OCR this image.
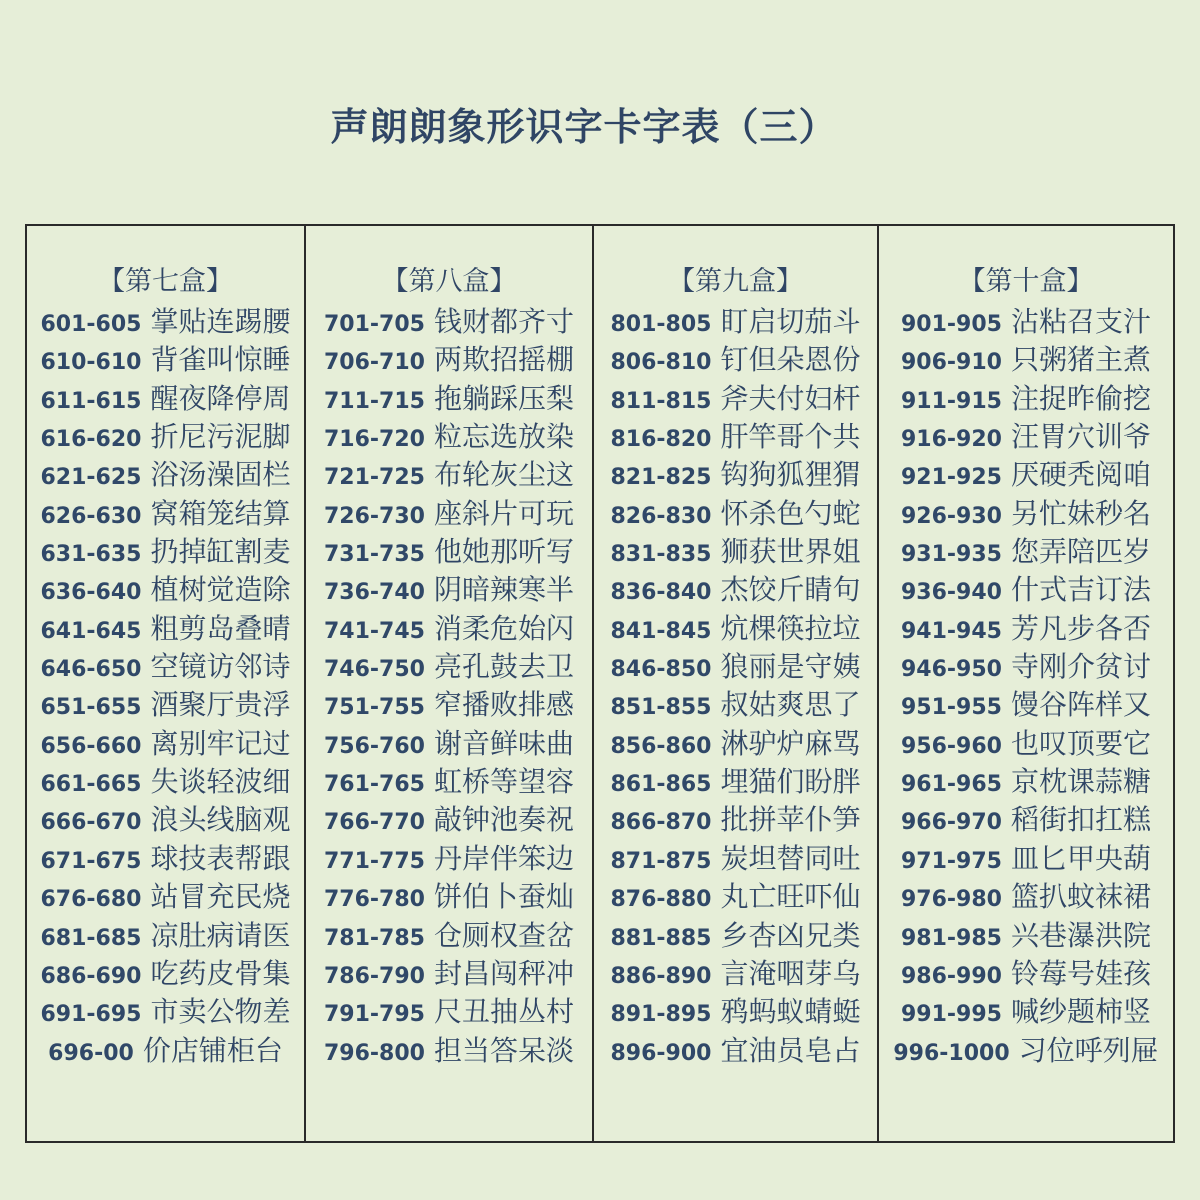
声朗朗象形识字卡字表（三）
【第七盒】
601-605 掌贴连踢腰
610-610 背雀叫惊睡
611-615 醒夜降停周
616-620 折尼污泥脚
621-625 浴汤澡固栏
626-630 窝箱笼结算
631-635 扔掉缸割麦
636-640 植树觉造除
641-645 粗剪岛叠晴
646-650 空镜访邻诗
651-655 酒聚厅贵浮
656-660 离别牢记过
661-665 失谈轻波细
666-670 浪头线脑观
671-675 球技表帮跟
676-680 站冒充民烧
681-685 凉肚病请医
686-690 吃药皮骨集
691-695 市卖公物差
696-00 价店铺柜台
【第八盒】
701-705 钱财都齐寸
706-710 两欺招摇棚
711-715 拖躺踩压梨
716-720 粒忘选放染
721-725 布轮灰尘这
726-730 座斜片可玩
731-735 他她那听写
736-740 阴暗辣寒半
741-745 消柔危始闪
746-750 亮孔鼓去卫
751-755 窄播败排感
756-760 谢音鲜味曲
761-765 虹桥等望容
766-770 敲钟池奏祝
771-775 丹岸伴笨边
776-780 饼伯卜蚕灿
781-785 仓厕权查岔
786-790 封昌闯秤冲
791-795 尺丑抽丛村
796-800 担当答呆淡
【第九盒】
801-805 盯启切茄斗
806-810 钉但朵恩份
811-815 斧夫付妇杆
816-820 肝竿哥个共
821-825 钩狗狐狸猬
826-830 怀杀色勺蛇
831-835 狮获世界姐
836-840 杰饺斤睛句
841-845 炕棵筷拉垃
846-850 狼丽是守姨
851-855 叔姑爽思了
856-860 淋驴炉麻骂
861-865 埋猫们盼胖
866-870 批拼苹仆笋
871-875 炭坦替同吐
876-880 丸亡旺吓仙
881-885 乡杏凶兄类
886-890 言淹咽芽乌
891-895 鸦蚂蚁蜻蜓
896-900 宜油员皂占
【第十盒】
901-905 沾粘召支汁
906-910 只粥猪主煮
911-915 注捉昨偷挖
916-920 汪胃穴训爷
921-925 厌硬秃阅咱
926-930 另忙妹秒名
931-935 您弄陪匹岁
936-940 什式吉订法
941-945 芳凡步各否
946-950 寺刚介贫讨
951-955 馒谷阵样又
956-960 也叹顶要它
961-965 京枕课蒜糖
966-970 稻街扣扛糕
971-975 皿匕甲央葫
976-980 篮扒蚊袜裙
981-985 兴巷瀑洪院
986-990 铃莓号娃孩
991-995 喊纱题柿竖
996-1000 习位呼列屉
